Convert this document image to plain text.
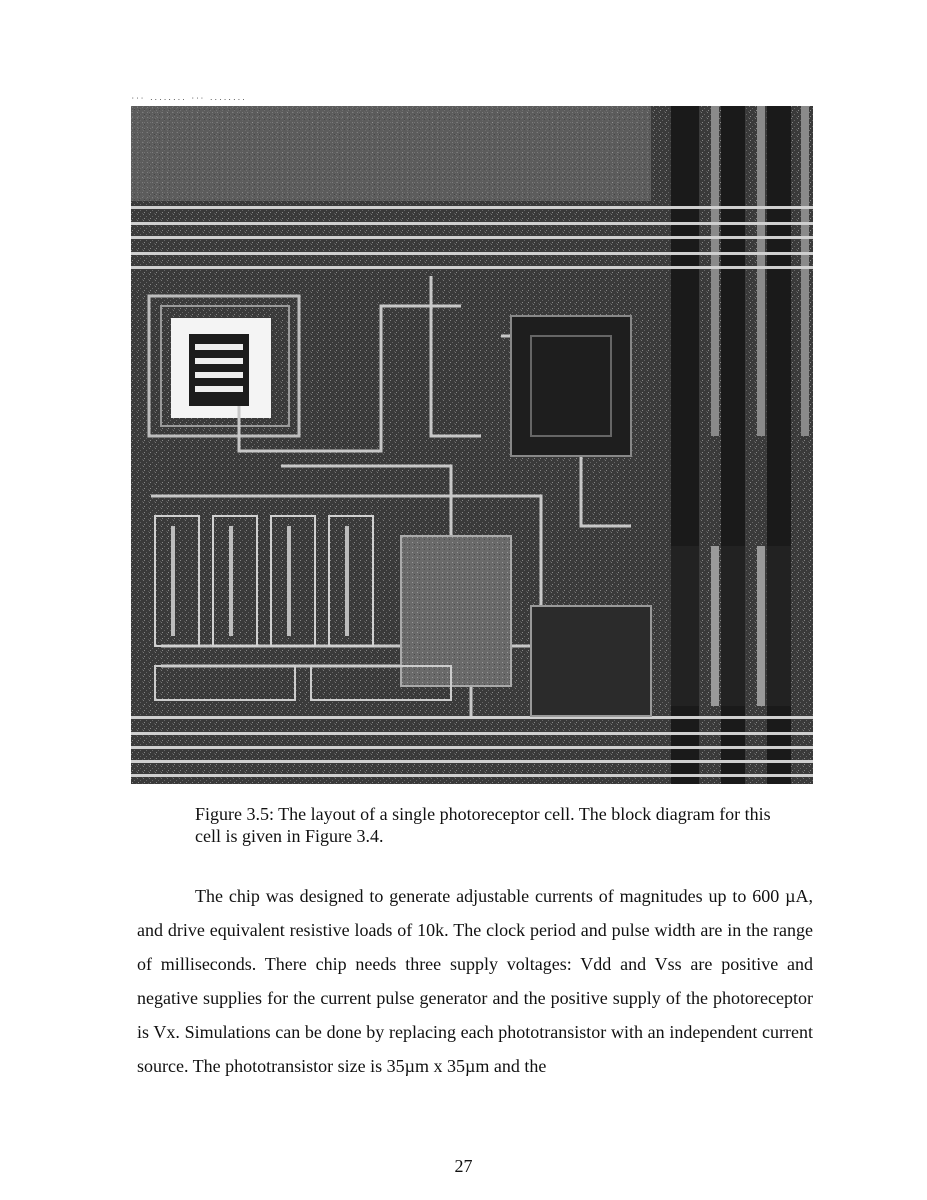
··· ........ ··· ........
Figure 3.5: The layout of a single photoreceptor cell. The block diagram for this cell is given in Figure 3.4.

The chip was designed to generate adjustable currents of magnitudes up to 600 µA, and drive equivalent resistive loads of 10k. The clock period and pulse width are in the range of milliseconds. There chip needs three supply voltages: Vdd and Vss are positive and negative supplies for the current pulse generator and the positive supply of the photoreceptor is Vx. Simulations can be done by replacing each phototransistor with an independent current source. The phototransistor size is 35µm x 35µm and the

27
